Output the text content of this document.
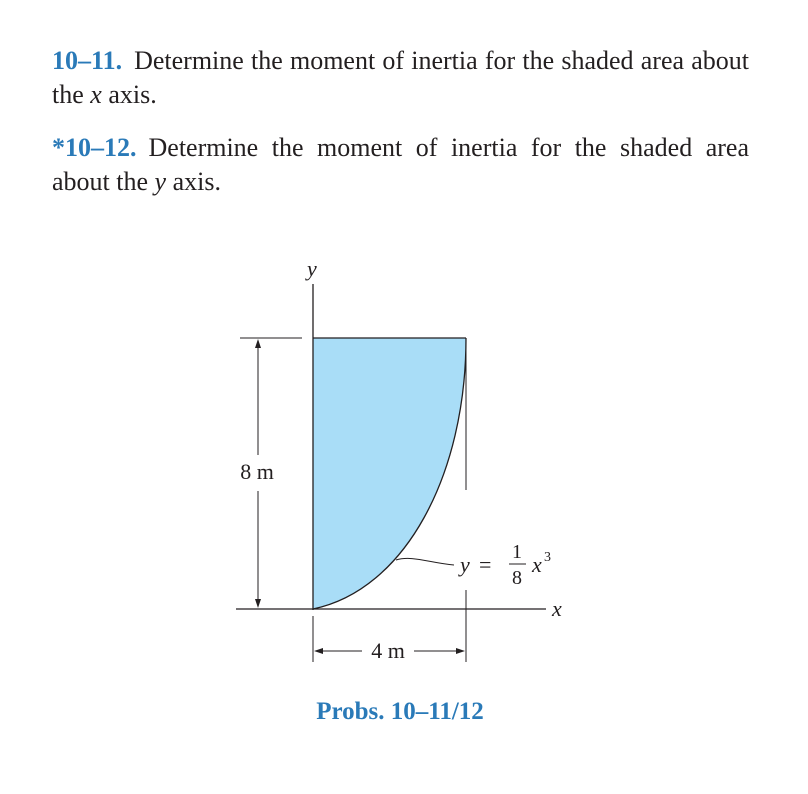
10–11. Determine the moment of inertia for the shaded area about the x axis.
*10–12. Determine the moment of inertia for the shaded area about the y axis.
y
x
8 m
4 m
y = 1
8
x 3
Probs. 10–11/12
